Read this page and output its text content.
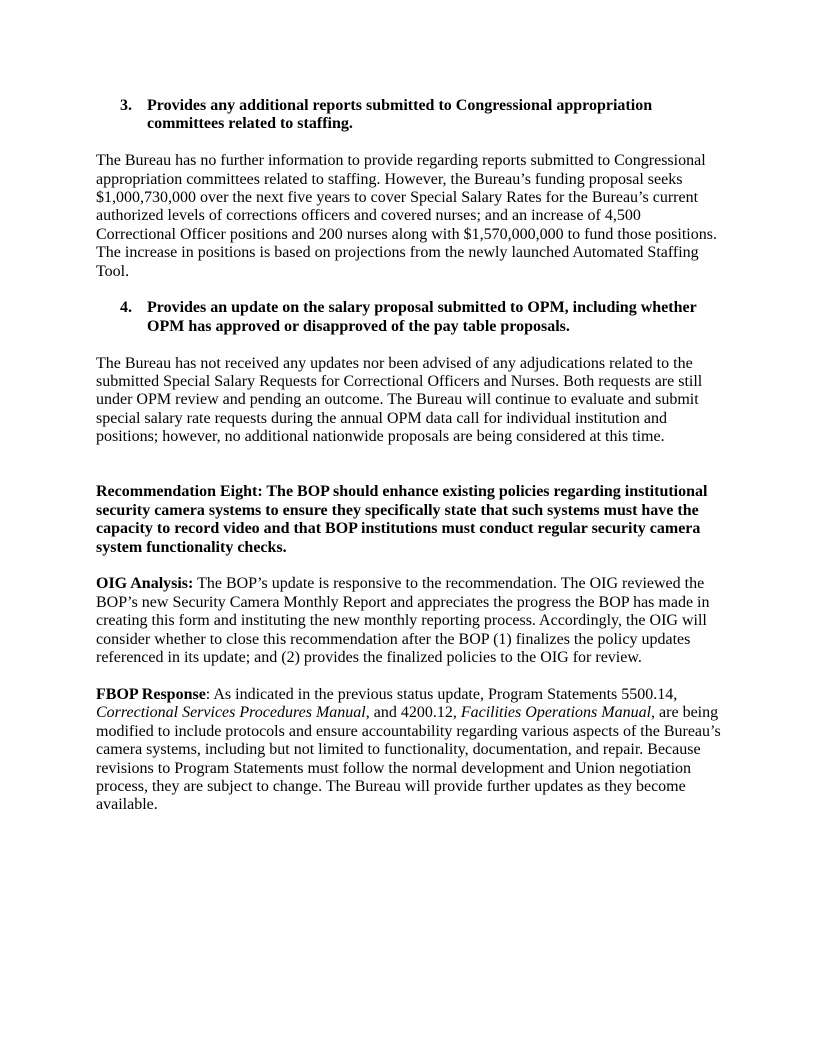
3. Provides any additional reports submitted to Congressional appropriation committees related to staffing.

The Bureau has no further information to provide regarding reports submitted to Congressional appropriation committees related to staffing. However, the Bureau’s funding proposal seeks $1,000,730,000 over the next five years to cover Special Salary Rates for the Bureau’s current authorized levels of corrections officers and covered nurses; and an increase of 4,500 Correctional Officer positions and 200 nurses along with $1,570,000,000 to fund those positions. The increase in positions is based on projections from the newly launched Automated Staffing Tool.

4. Provides an update on the salary proposal submitted to OPM, including whether OPM has approved or disapproved of the pay table proposals.

The Bureau has not received any updates nor been advised of any adjudications related to the submitted Special Salary Requests for Correctional Officers and Nurses. Both requests are still under OPM review and pending an outcome. The Bureau will continue to evaluate and submit special salary rate requests during the annual OPM data call for individual institution and positions; however, no additional nationwide proposals are being considered at this time.

Recommendation Eight: The BOP should enhance existing policies regarding institutional security camera systems to ensure they specifically state that such systems must have the capacity to record video and that BOP institutions must conduct regular security camera system functionality checks.

OIG Analysis: The BOP’s update is responsive to the recommendation. The OIG reviewed the BOP’s new Security Camera Monthly Report and appreciates the progress the BOP has made in creating this form and instituting the new monthly reporting process. Accordingly, the OIG will consider whether to close this recommendation after the BOP (1) finalizes the policy updates referenced in its update; and (2) provides the finalized policies to the OIG for review.

FBOP Response: As indicated in the previous status update, Program Statements 5500.14, Correctional Services Procedures Manual, and 4200.12, Facilities Operations Manual, are being modified to include protocols and ensure accountability regarding various aspects of the Bureau’s camera systems, including but not limited to functionality, documentation, and repair. Because revisions to Program Statements must follow the normal development and Union negotiation process, they are subject to change. The Bureau will provide further updates as they become available.
